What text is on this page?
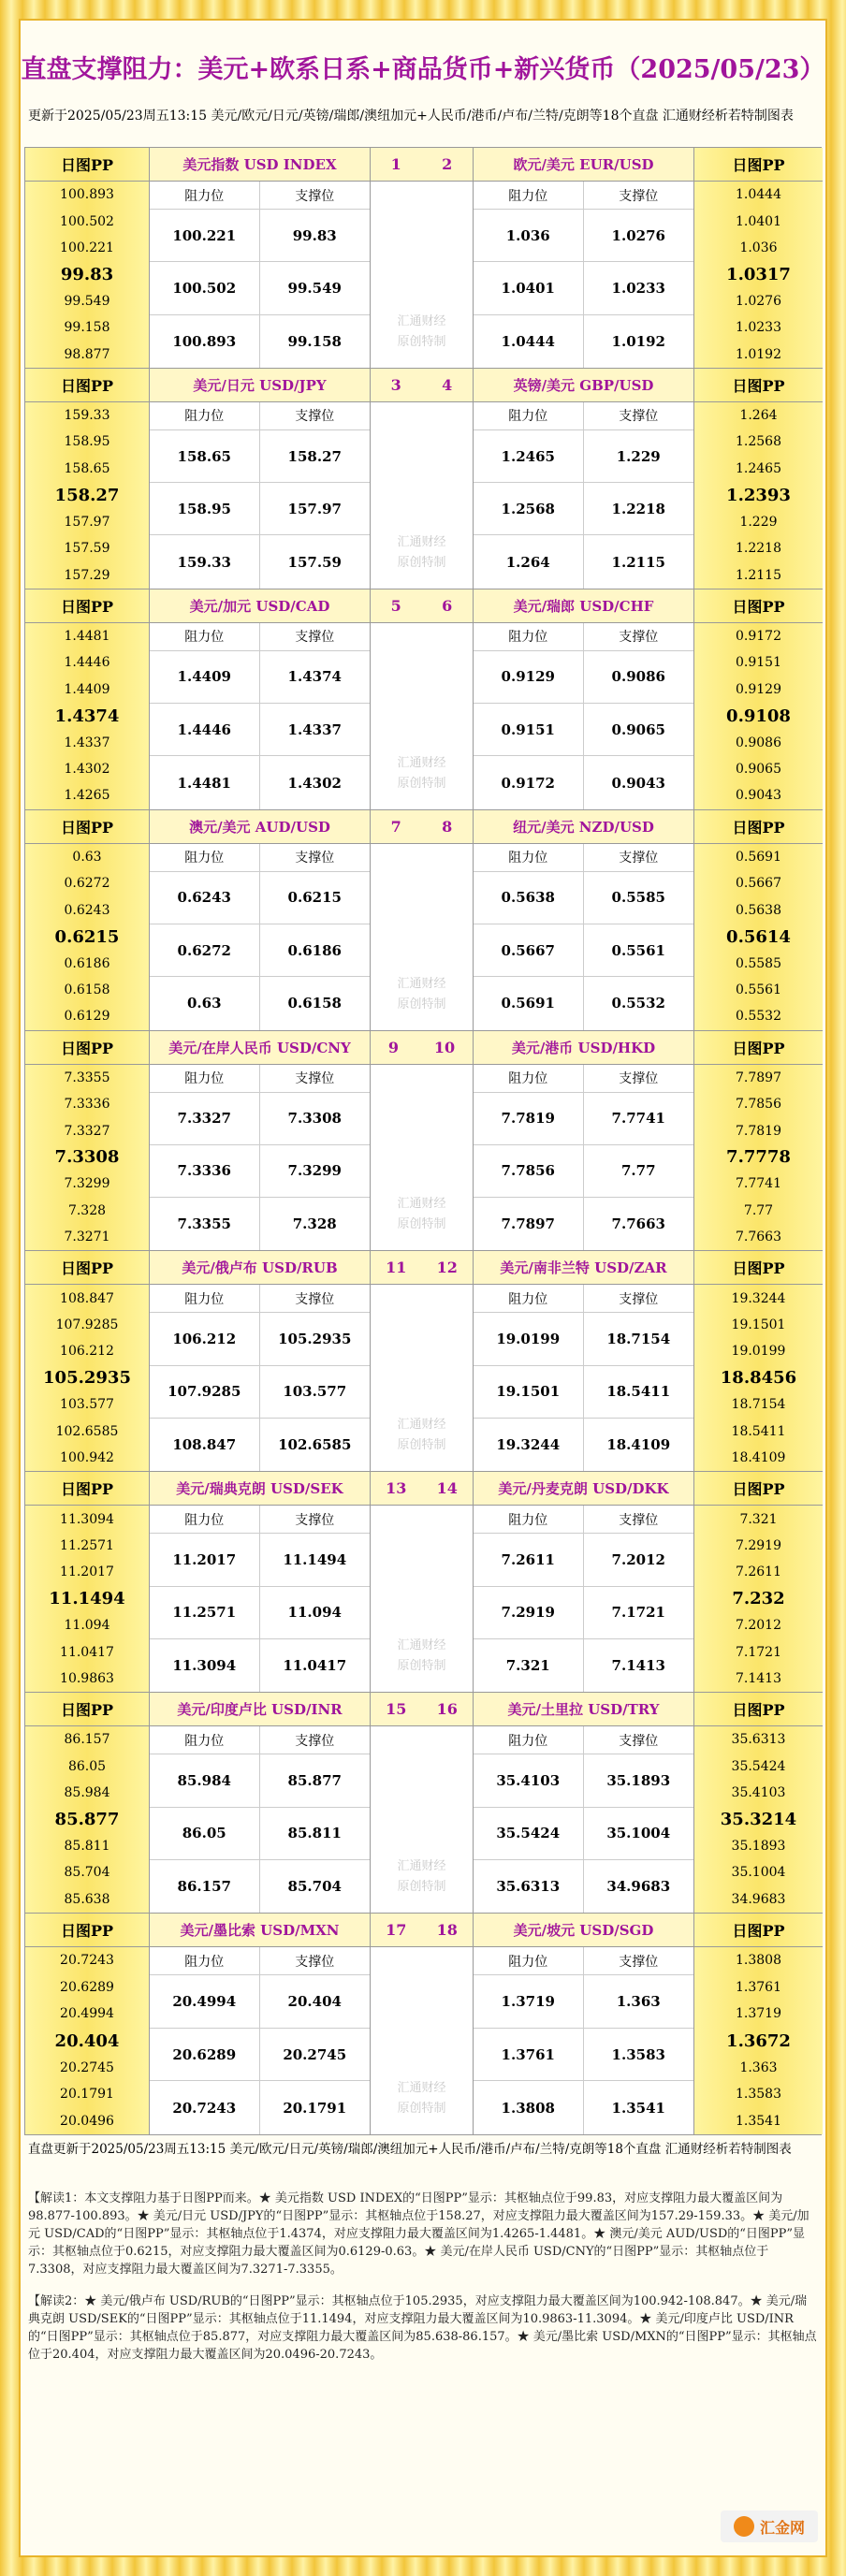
直盘支撑阻力：美元+欧系日系+商品货币+新兴货币（2025/05/23）
更新于2025/05/23周五13:15 美元/欧元/日元/英镑/瑞郎/澳纽加元+人民币/港币/卢布/兰特/克朗等18个直盘 汇通财经析若特制图表
日图PP
100.893
100.502
100.221
99.83
99.549
99.158
98.877
美元指数 USD INDEX
阻力位	支撑位
100.221	99.83
100.502	99.549
100.893	99.158
1	2
汇通财经
原创特制
欧元/美元 EUR/USD
阻力位	支撑位
1.036	1.0276
1.0401	1.0233
1.0444	1.0192
日图PP
1.0444
1.0401
1.036
1.0317
1.0276
1.0233
1.0192
日图PP
159.33
158.95
158.65
158.27
157.97
157.59
157.29
美元/日元 USD/JPY
阻力位	支撑位
158.65	158.27
158.95	157.97
159.33	157.59
3	4
汇通财经
原创特制
英镑/美元 GBP/USD
阻力位	支撑位
1.2465	1.229
1.2568	1.2218
1.264	1.2115
日图PP
1.264
1.2568
1.2465
1.2393
1.229
1.2218
1.2115
日图PP
1.4481
1.4446
1.4409
1.4374
1.4337
1.4302
1.4265
美元/加元 USD/CAD
阻力位	支撑位
1.4409	1.4374
1.4446	1.4337
1.4481	1.4302
5	6
汇通财经
原创特制
美元/瑞郎 USD/CHF
阻力位	支撑位
0.9129	0.9086
0.9151	0.9065
0.9172	0.9043
日图PP
0.9172
0.9151
0.9129
0.9108
0.9086
0.9065
0.9043
日图PP
0.63
0.6272
0.6243
0.6215
0.6186
0.6158
0.6129
澳元/美元 AUD/USD
阻力位	支撑位
0.6243	0.6215
0.6272	0.6186
0.63	0.6158
7	8
汇通财经
原创特制
纽元/美元 NZD/USD
阻力位	支撑位
0.5638	0.5585
0.5667	0.5561
0.5691	0.5532
日图PP
0.5691
0.5667
0.5638
0.5614
0.5585
0.5561
0.5532
日图PP
7.3355
7.3336
7.3327
7.3308
7.3299
7.328
7.3271
美元/在岸人民币 USD/CNY
阻力位	支撑位
7.3327	7.3308
7.3336	7.3299
7.3355	7.328
9 10
汇通财经
原创特制
美元/港币 USD/HKD
阻力位	支撑位
7.7819	7.7741
7.7856	7.77
7.7897	7.7663
日图PP
7.7897
7.7856
7.7819
7.7778
7.7741
7.77
7.7663
日图PP
108.847
107.9285
106.212
105.2935
103.577
102.6585
100.942
美元/俄卢布 USD/RUB
阻力位	支撑位
106.212	105.2935
107.9285	103.577
108.847	102.6585
11 12
汇通财经
原创特制
美元/南非兰特 USD/ZAR
阻力位	支撑位
19.0199	18.7154
19.1501	18.5411
19.3244	18.4109
日图PP
19.3244
19.1501
19.0199
18.8456
18.7154
18.5411
18.4109
日图PP
11.3094
11.2571
11.2017
11.1494
11.094
11.0417
10.9863
美元/瑞典克朗 USD/SEK
阻力位	支撑位
11.2017	11.1494
11.2571	11.094
11.3094	11.0417
13 14
汇通财经
原创特制
美元/丹麦克朗 USD/DKK
阻力位	支撑位
7.2611	7.2012
7.2919	7.1721
7.321	7.1413
日图PP
7.321
7.2919
7.2611
7.232
7.2012
7.1721
7.1413
日图PP
86.157
86.05
85.984
85.877
85.811
85.704
85.638
美元/印度卢比 USD/INR
阻力位	支撑位
85.984	85.877
86.05	85.811
86.157	85.704
15 16
汇通财经
原创特制
美元/土里拉 USD/TRY
阻力位	支撑位
35.4103	35.1893
35.5424	35.1004
35.6313	34.9683
日图PP
35.6313
35.5424
35.4103
35.3214
35.1893
35.1004
34.9683
日图PP
20.7243
20.6289
20.4994
20.404
20.2745
20.1791
20.0496
美元/墨比索 USD/MXN
阻力位	支撑位
20.4994	20.404
20.6289	20.2745
20.7243	20.1791
17 18
汇通财经
原创特制
美元/坡元 USD/SGD
阻力位	支撑位
1.3719	1.363
1.3761	1.3583
1.3808	1.3541
日图PP
1.3808
1.3761
1.3719
1.3672
1.363
1.3583
1.3541
直盘更新于2025/05/23周五13:15 美元/欧元/日元/英镑/瑞郎/澳纽加元+人民币/港币/卢布/兰特/克朗等18个直盘 汇通财经析若特制图表
【解读1：本文支撑阻力基于日图PP而来。★ 美元指数 USD INDEX的“日图PP”显示：其枢轴点位于99.83，对应支撑阻力最大覆盖区间为98.877-100.893。★ 美元/日元 USD/JPY的“日图PP”显示：其枢轴点位于158.27，对应支撑阻力最大覆盖区间为157.29-159.33。★ 美元/加元 USD/CAD的“日图PP”显示：其枢轴点位于1.4374，对应支撑阻力最大覆盖区间为1.4265-1.4481。★ 澳元/美元 AUD/USD的“日图PP”显示：其枢轴点位于0.6215，对应支撑阻力最大覆盖区间为0.6129-0.63。★ 美元/在岸人民币 USD/CNY的“日图PP”显示：其枢轴点位于7.3308，对应支撑阻力最大覆盖区间为7.3271-7.3355。
【解读2：★ 美元/俄卢布 USD/RUB的“日图PP”显示：其枢轴点位于105.2935，对应支撑阻力最大覆盖区间为100.942-108.847。★ 美元/瑞典克朗 USD/SEK的“日图PP”显示：其枢轴点位于11.1494，对应支撑阻力最大覆盖区间为10.9863-11.3094。★ 美元/印度卢比 USD/INR的“日图PP”显示：其枢轴点位于85.877，对应支撑阻力最大覆盖区间为85.638-86.157。★ 美元/墨比索 USD/MXN的“日图PP”显示：其枢轴点位于20.404，对应支撑阻力最大覆盖区间为20.0496-20.7243。
汇金网
